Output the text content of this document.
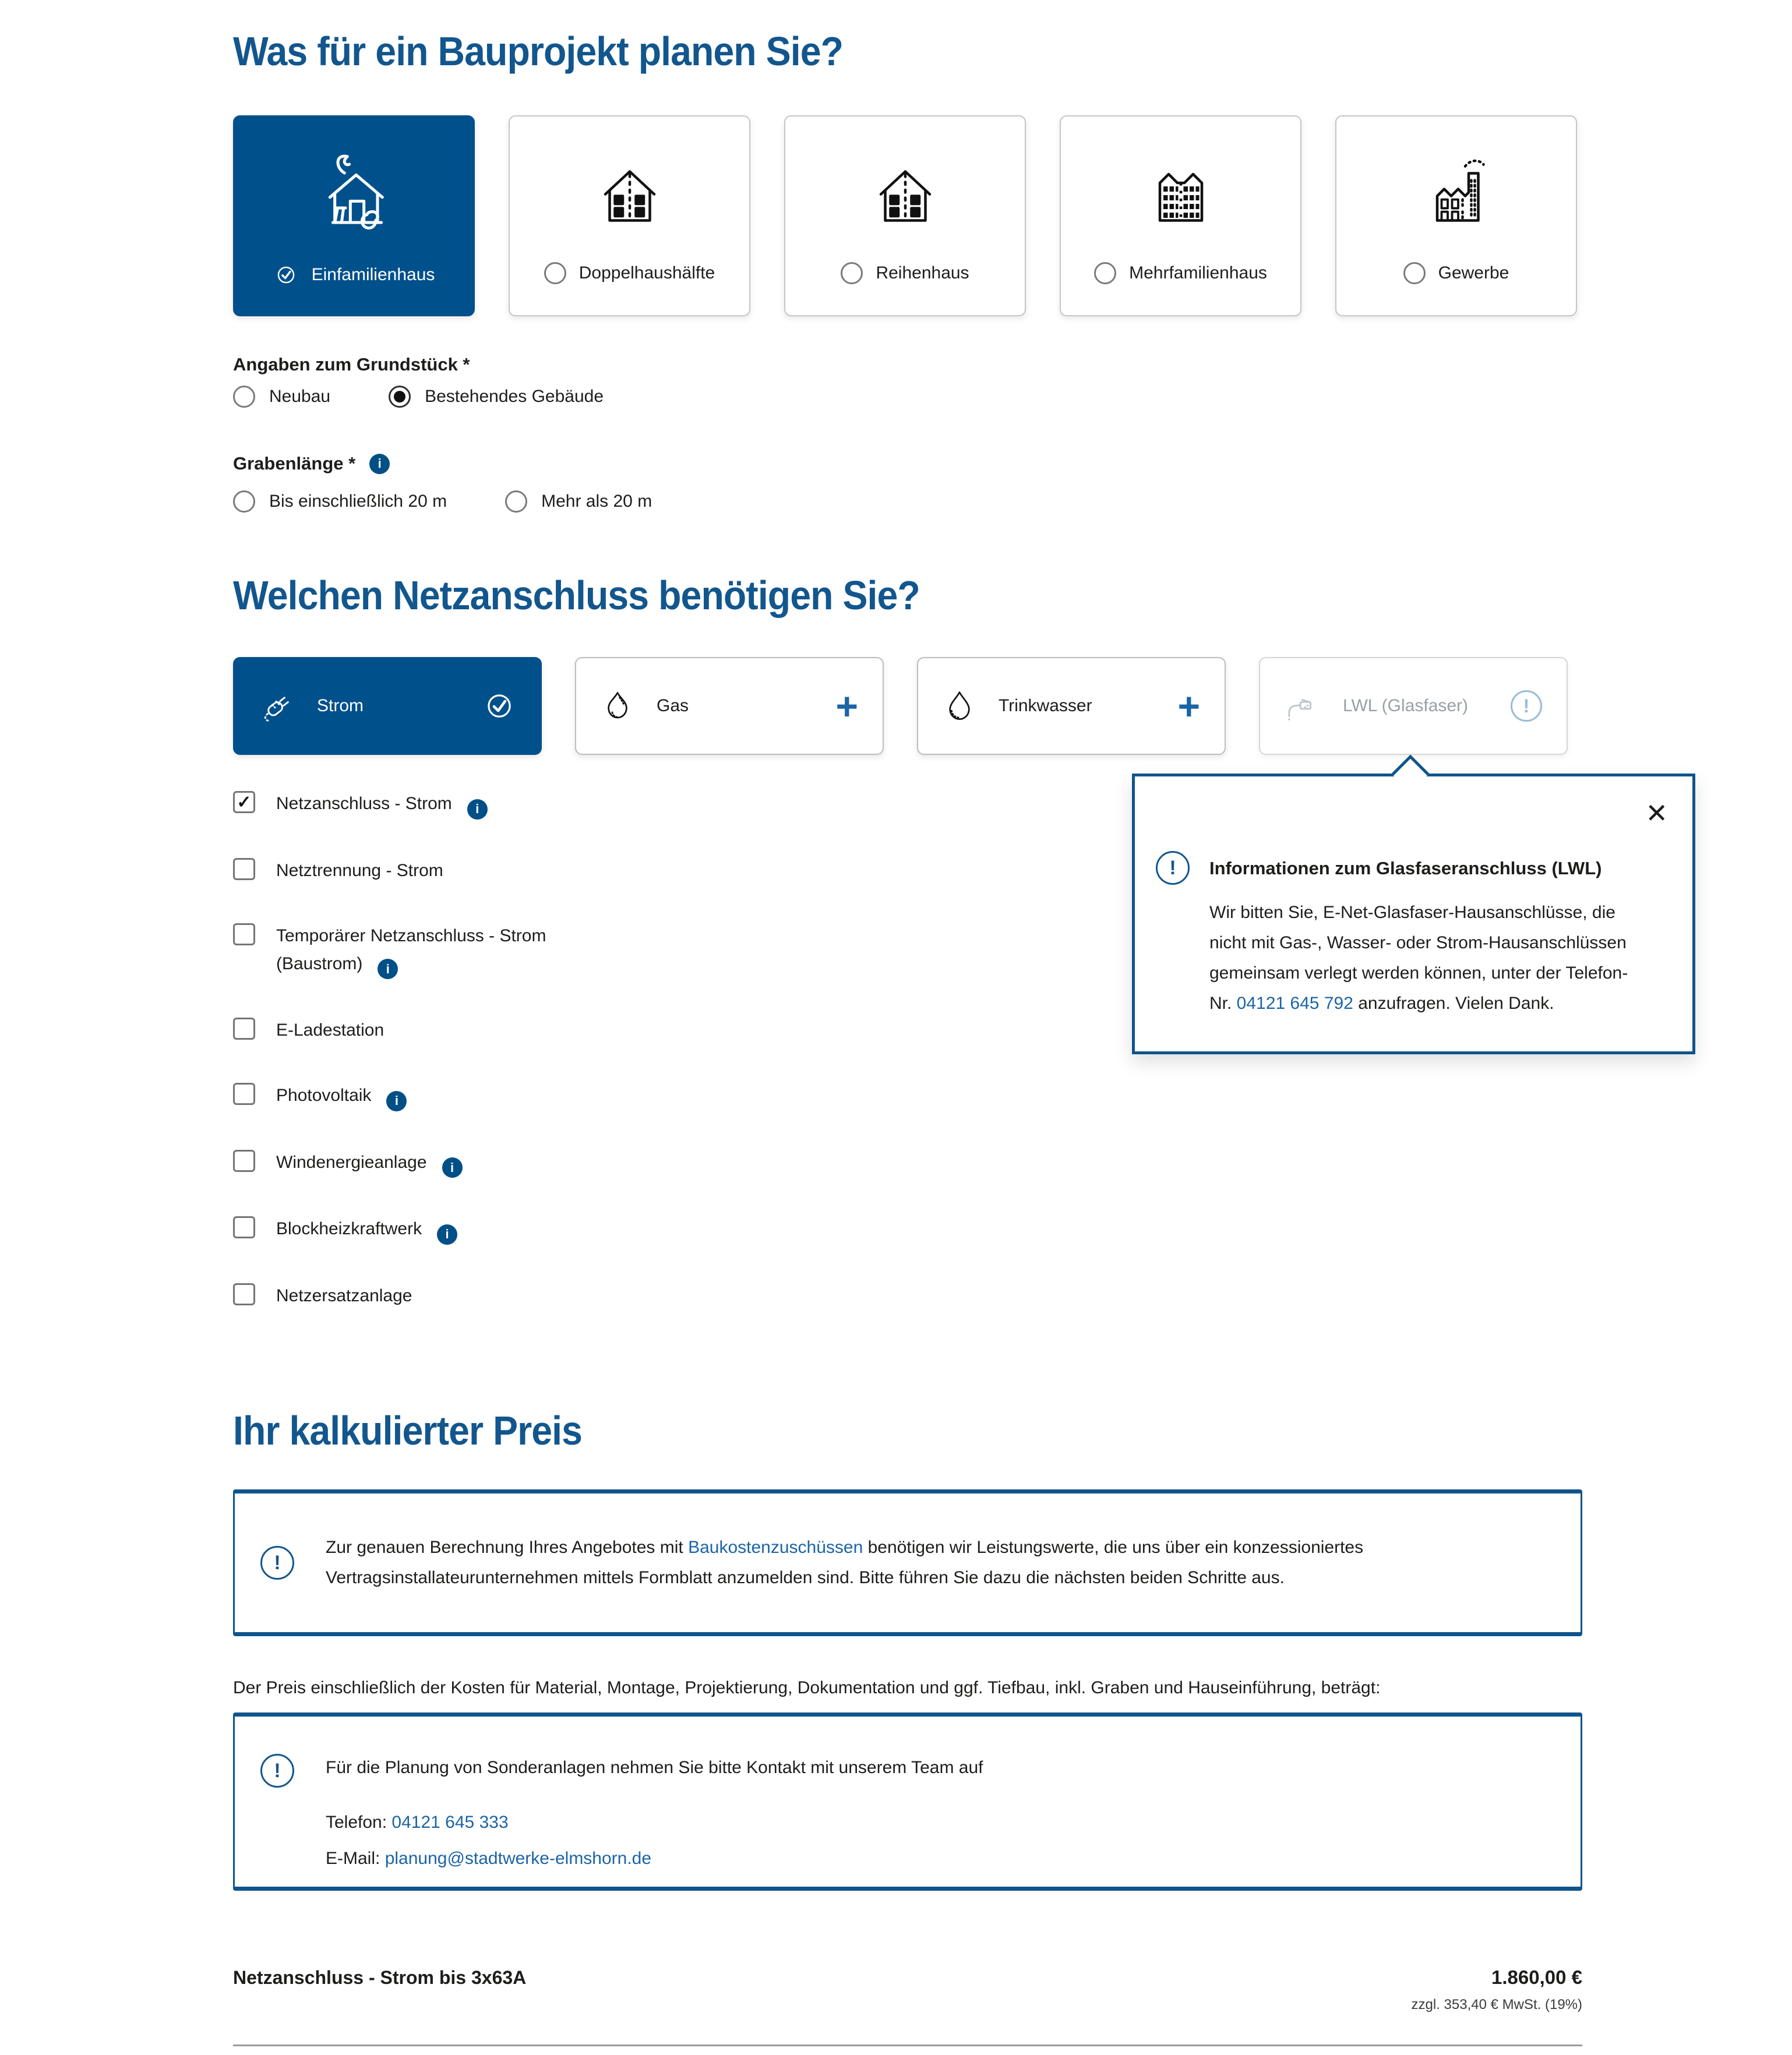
Was für ein Bauprojekt planen Sie?
Einfamilienhaus	Doppelhaushälfte	Reihenhaus	Mehrfamilienhaus	Gewerbe
Angaben zum Grundstück *
Neubau	Bestehendes Gebäude
Grabenlänge *	i
Bis einschließlich 20 m	Mehr als 20 m
Welchen Netzanschluss benötigen Sie?
Strom	Gas	+	Trinkwasser +	LWL (Glasfaser)	!
✓ Netzanschluss - Strom i
Netztrennung - Strom
Temporärer Netzanschluss - Strom (Baustrom) i
E-Ladestation
Photovoltaik i
Windenergieanlage i
Blockheizkraftwerk i
Netzersatzanlage
✕
!	Informationen zum Glasfaseranschluss (LWL)
Wir bitten Sie, E-Net-Glasfaser-Hausanschlüsse, die nicht mit Gas-, Wasser- oder Strom-Hausanschlüssen gemeinsam verlegt werden können, unter der Telefon-Nr. 04121 645 792 anzufragen. Vielen Dank.
Ihr kalkulierter Preis
!
Zur genauen Berechnung Ihres Angebotes mit Baukostenzuschüssen benötigen wir Leistungswerte, die uns über ein konzessioniertes Vertragsinstallateurunternehmen mittels Formblatt anzumelden sind. Bitte führen Sie dazu die nächsten beiden Schritte aus.

Der Preis einschließlich der Kosten für Material, Montage, Projektierung, Dokumentation und ggf. Tiefbau, inkl. Graben und Hauseinführung, beträgt:

!	Für die Planung von Sonderanlagen nehmen Sie bitte Kontakt mit unserem Team auf
Telefon: 04121 645 333
E-Mail: planung@stadtwerke-elmshorn.de
Netzanschluss - Strom bis 3x63A	1.860,00 €
zzgl. 353,40 € MwSt. (19%)
